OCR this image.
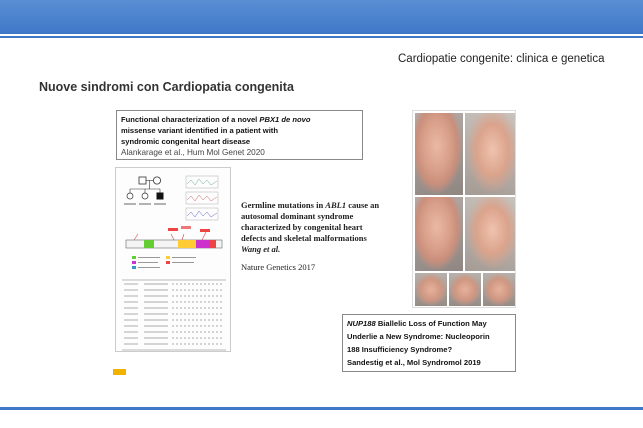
Cardiopatie congenite: clinica e genetica
Nuove sindromi con Cardiopatia congenita
Functional characterization of a novel PBX1 de novo
missense variant identified in a patient with
syndromic congenital heart disease
Alankarage et al., Hum Mol Genet 2020
Germline mutations in ABL1 cause an
autosomal dominant syndrome
characterized by congenital heart
defects and skeletal malformations
Wang et al.
Nature Genetics 2017
NUP188 Biallelic Loss of Function May
Underlie a New Syndrome: Nucleoporin
188 Insufficiency Syndrome?
Sandestig et al., Mol Syndromol 2019
